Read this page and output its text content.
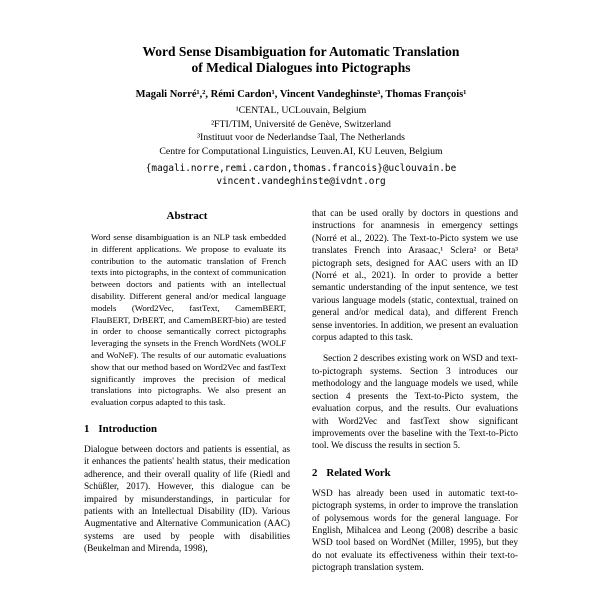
Word Sense Disambiguation for Automatic Translation
of Medical Dialogues into Pictographs
Magali Norré¹,², Rémi Cardon¹, Vincent Vandeghinste³, Thomas François¹
¹CENTAL, UCLouvain, Belgium
²FTI/TIM, Université de Genève, Switzerland
³Instituut voor de Nederlandse Taal, The Netherlands
Centre for Computational Linguistics, Leuven.AI, KU Leuven, Belgium
{magali.norre,remi.cardon,thomas.francois}@uclouvain.be
vincent.vandeghinste@ivdnt.org
Abstract

Word sense disambiguation is an NLP task embedded in different applications. We propose to evaluate its contribution to the automatic translation of French texts into pictographs, in the context of communication between doctors and patients with an intellectual disability. Different general and/or medical language models (Word2Vec, fastText, CamemBERT, FlauBERT, DrBERT, and CamemBERT-bio) are tested in order to choose semantically correct pictographs leveraging the synsets in the French WordNets (WOLF and WoNeF). The results of our automatic evaluations show that our method based on Word2Vec and fastText significantly improves the precision of medical translations into pictographs. We also present an evaluation corpus adapted to this task.

1 Introduction

Dialogue between doctors and patients is essential, as it enhances the patients' health status, their medication adherence, and their overall quality of life (Riedl and Schüßler, 2017). However, this dialogue can be impaired by misunderstandings, in particular for patients with an Intellectual Disability (ID). Various Augmentative and Alternative Communication (AAC) systems are used by people with disabilities (Beukelman and Mirenda, 1998),

that can be used orally by doctors in questions and instructions for anamnesis in emergency settings (Norré et al., 2022). The Text-to-Picto system we use translates French into Arasaac,¹ Sclera² or Beta³ pictograph sets, designed for AAC users with an ID (Norré et al., 2021). In order to provide a better semantic understanding of the input sentence, we test various language models (static, contextual, trained on general and/or medical data), and different French sense inventories. In addition, we present an evaluation corpus adapted to this task.

Section 2 describes existing work on WSD and text-to-pictograph systems. Section 3 introduces our methodology and the language models we used, while section 4 presents the Text-to-Picto system, the evaluation corpus, and the results. Our evaluations with Word2Vec and fastText show significant improvements over the baseline with the Text-to-Picto tool. We discuss the results in section 5.

2 Related Work

WSD has already been used in automatic text-to-pictograph systems, in order to improve the translation of polysemous words for the general language. For English, Mihalcea and Leong (2008) describe a basic WSD tool based on WordNet (Miller, 1995), but they do not evaluate its effectiveness within their text-to-pictograph translation system.
